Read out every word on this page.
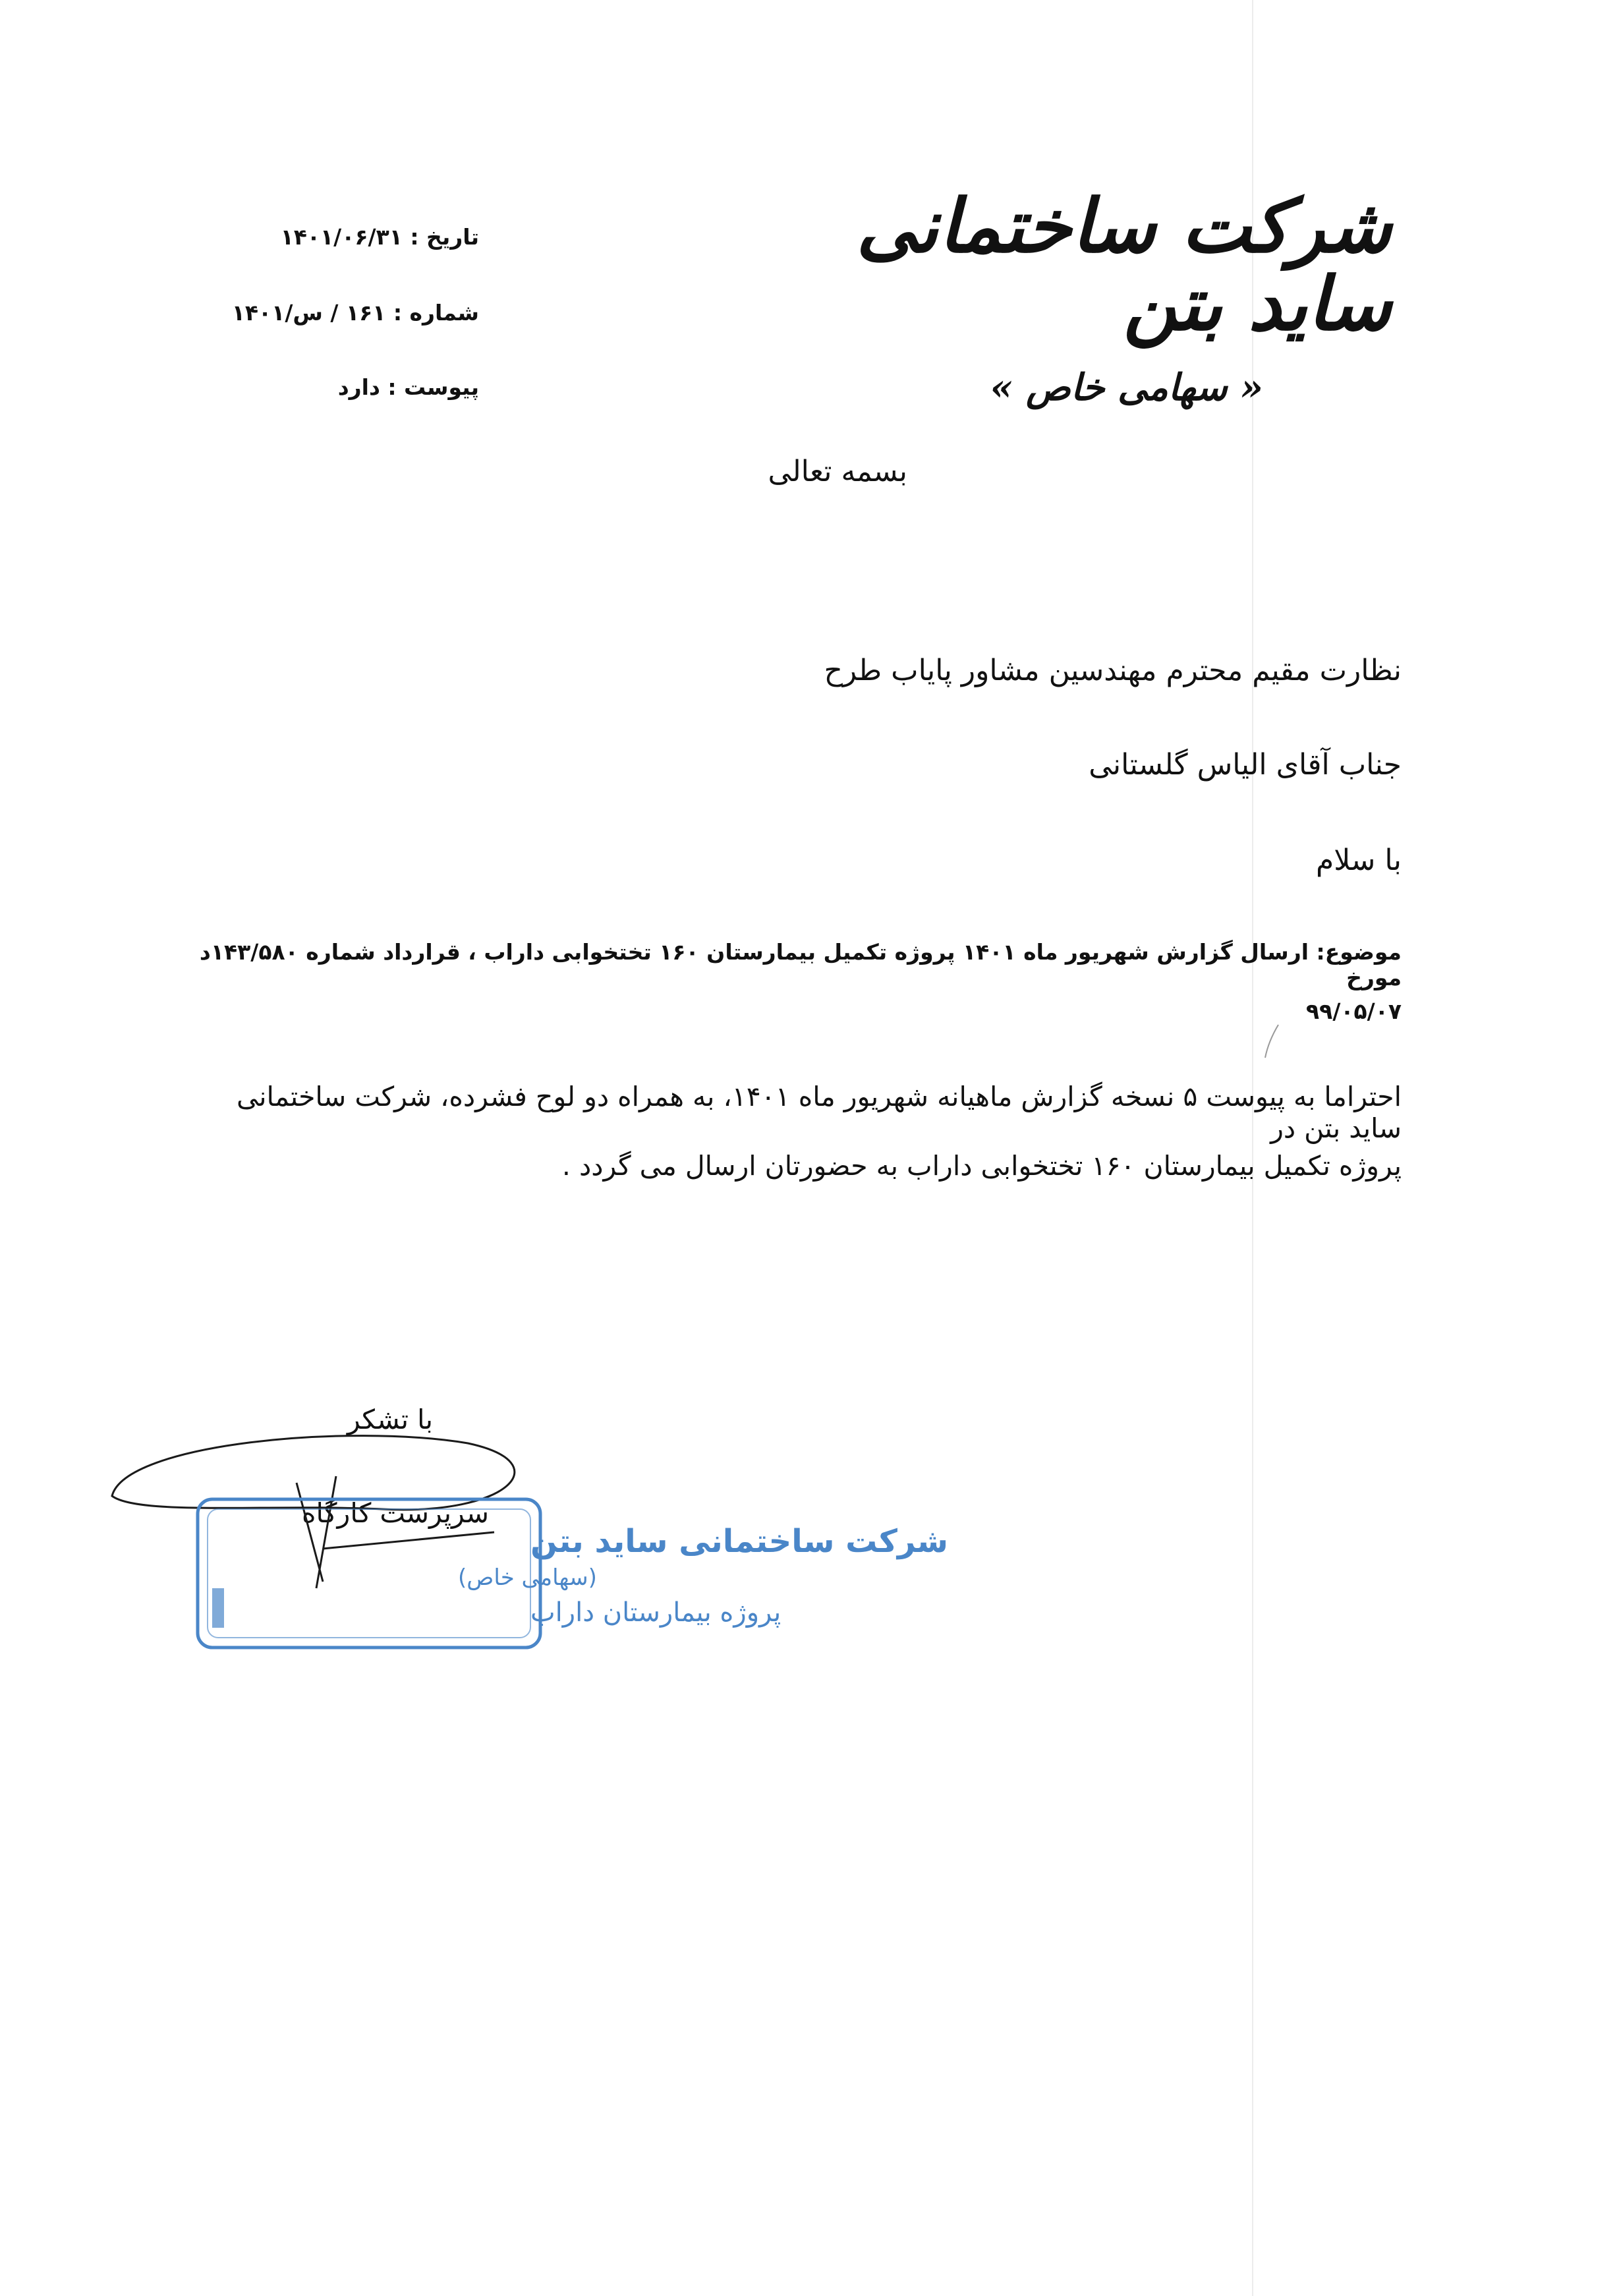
شرکت ساختمانی ساید بتن
« سهامی خاص »
تاریخ : ۱۴۰۱/۰۶/۳۱
شماره : ۱۶۱ / س/۱۴۰۱
پیوست : دارد
بسمه تعالی
نظارت مقیم محترم مهندسین مشاور پایاب طرح
جناب آقای الیاس گلستانی
با سلام
موضوع: ارسال گزارش شهریور ماه ۱۴۰۱ پروژه تکمیل بیمارستان ۱۶۰ تختخوابی داراب ، قرارداد شماره ۱۴۳/۵۸۰د مورخ
۹۹/۰۵/۰۷
احتراما به پیوست ۵ نسخه گزارش ماهیانه شهریور ماه ۱۴۰۱، به همراه دو لوح فشرده، شرکت ساختمانی ساید بتن در
پروژه تکمیل بیمارستان ۱۶۰ تختخوابی داراب به حضورتان ارسال می گردد .
با تشکر
سرپرست کارگاه
شرکت ساختمانی ساید بتن
(سهامی خاص)
پروژه بیمارستان داراب
